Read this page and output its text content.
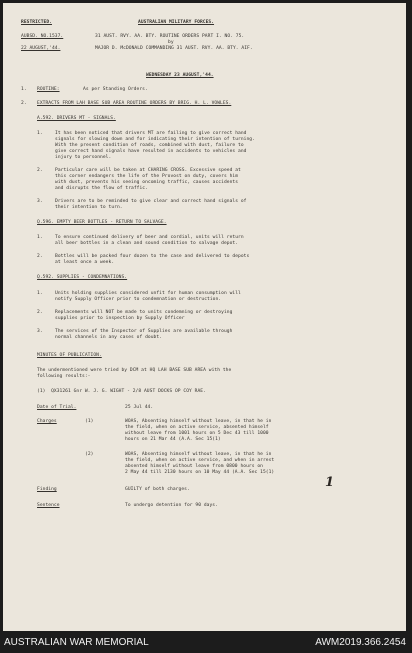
RESTRICTED.	AUSTRALIAN MILITARY FORCES.
AUBSD. NO.1537.	31 AUST. RVY. AA. BTY. ROUTINE ORDERS PART I. NO. 75.
by
22 AUGUST,'44.	MAJOR D. McDONALD COMMANDING 31 AUST. RVY. AA. BTY. AIF.
WEDNESDAY 23 AUGUST,'44.
1. ROUTINE:	As per Standing Orders.
2. EXTRACTS FROM LAH BASE SUB AREA ROUTINE ORDERS BY BRIG. H. L. VOWLES.
A.592. DRIVERS MT - SIGNALS.
1.	It has been noticed that drivers MT are failing to give correct hand
signals for slowing down and for indicating their intention of turning.
With the present condition of roads, combined with dust, failure to
give correct hand signals have resulted in accidents to vehicles and
injury to personnel.
2.	Particular care will be taken at CHARING CROSS. Excessive speed at
this corner endangers the life of the Provost on duty, covers him
with dust, prevents his seeing oncoming traffic, causes accidents
and disrupts the flow of traffic.
3.	Drivers are to be reminded to give clear and correct hand signals of
their intention to turn.
Q.596. EMPTY BEER BOTTLES - RETURN TO SALVAGE.
1.	To ensure continued delivery of beer and cordial, units will return
all beer bottles in a clean and sound condition to salvage depot.
2.	Bottles will be packed four dozen to the case and delivered to depots
at least once a week.
Q.592. SUPPLIES - CONDEMNATIONS.
1.	Units holding supplies considered unfit for human consumption will
notify Supply Officer prior to condemnation or destruction.
2.	Replacements will NOT be made to units condemning or destroying
supplies prior to inspection by Supply Officer
3.	The services of the Inspector of Supplies are available through
normal channels in any cases of doubt.
MINUTES OF PUBLICATION.
The undermentioned were tried by DCM at HQ LAH BASE SUB AREA with the
following results:-
(1)  QX31261 Gnr W. J. G. WIGHT - 2/8 AUST DOCKS OP COY RAE.
Date of Trial.	25 Jul 44.
Charges	(1)	WOAS, Absenting himself without leave, in that he in
the field, when on active service, absented himself
without leave from 1001 hours on 5 Dec 43 till 1000
hours on 21 Mar 44 (A.A. Sec 15(1)
(2)	WOAS, Absenting himself without leave, in that he in
the field, when on active service, and when in arrest
absented himself without leave from 0800 hours on
2 May 44 till 2130 hours on 10 May 44 (A.A. Sec 15(1)
Finding	GUILTY of both charges.
Sentence	To undergo detention for 90 days.
1
AUSTRALIAN WAR MEMORIAL	AWM2019.366.2454
